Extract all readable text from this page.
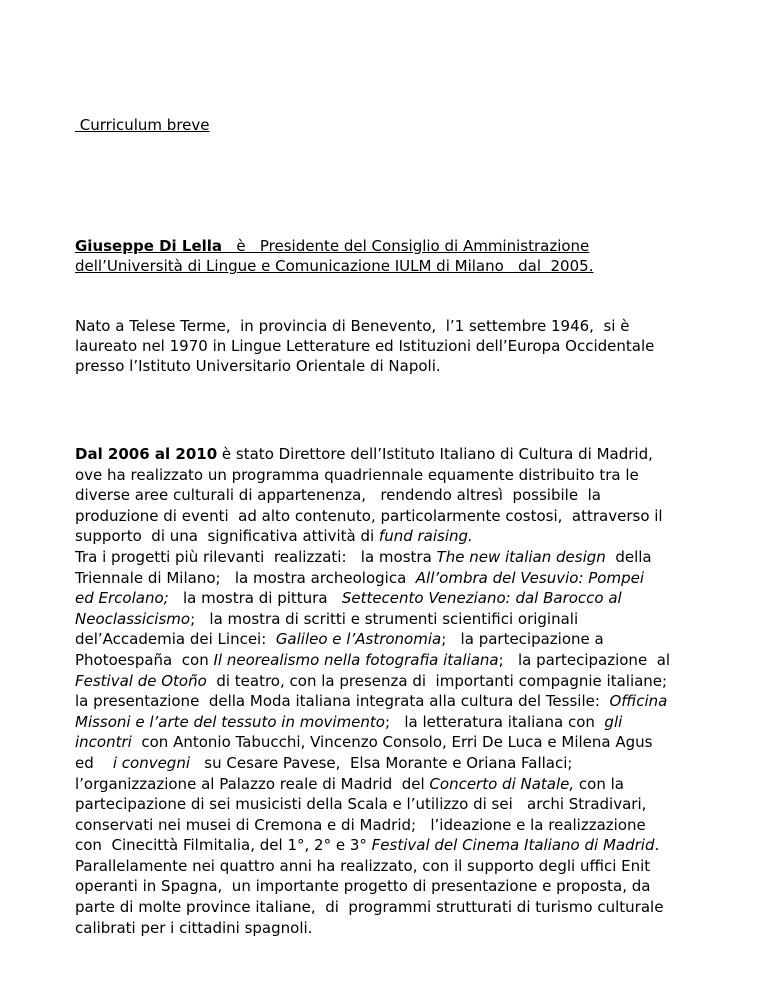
Curriculum breve
Giuseppe Di Lella   è   Presidente del Consiglio di Amministrazione
dell’Università di Lingue e Comunicazione IULM di Milano   dal  2005.
Nato a Telese Terme,  in provincia di Benevento,  l’1 settembre 1946,  si è
laureato nel 1970 in Lingue Letterature ed Istituzioni dell’Europa Occidentale
presso l’Istituto Universitario Orientale di Napoli.
Dal 2006 al 2010 è stato Direttore dell’Istituto Italiano di Cultura di Madrid,
ove ha realizzato un programma quadriennale equamente distribuito tra le
diverse aree culturali di appartenenza,   rendendo altresì  possibile  la
produzione di eventi  ad alto contenuto, particolarmente costosi,  attraverso il
supporto  di una  significativa attività di fund raising.
Tra i progetti più rilevanti  realizzati:   la mostra The new italian design  della
Triennale di Milano;   la mostra archeologica  All’ombra del Vesuvio: Pompei
ed Ercolano;   la mostra di pittura   Settecento Veneziano: dal Barocco al
Neoclassicismo;   la mostra di scritti e strumenti scientifici originali
del’Accademia dei Lincei:  Galileo e l’Astronomia;   la partecipazione a
Photoespaña  con Il neorealismo nella fotografia italiana;   la partecipazione  al
Festival de Otoño  di teatro, con la presenza di  importanti compagnie italiane;
la presentazione  della Moda italiana integrata alla cultura del Tessile:  Officina
Missoni e l’arte del tessuto in movimento;   la letteratura italiana con  gli
incontri  con Antonio Tabucchi, Vincenzo Consolo, Erri De Luca e Milena Agus
ed    i convegni   su Cesare Pavese,  Elsa Morante e Oriana Fallaci;
l’organizzazione al Palazzo reale di Madrid  del Concerto di Natale, con la
partecipazione di sei musicisti della Scala e l’utilizzo di sei   archi Stradivari,
conservati nei musei di Cremona e di Madrid;   l’ideazione e la realizzazione
con  Cinecittà Filmitalia, del 1°, 2° e 3° Festival del Cinema Italiano di Madrid.
Parallelamente nei quattro anni ha realizzato, con il supporto degli uffici Enit
operanti in Spagna,  un importante progetto di presentazione e proposta, da
parte di molte province italiane,  di  programmi strutturati di turismo culturale
calibrati per i cittadini spagnoli.
